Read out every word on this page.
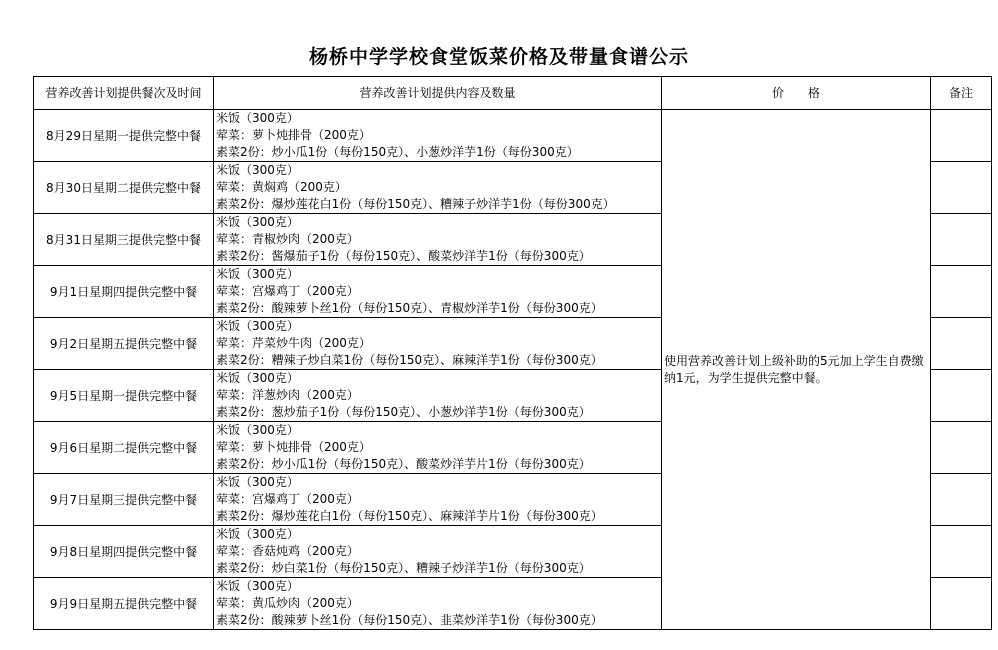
杨桥中学学校食堂饭菜价格及带量食谱公示
营养改善计划提供餐次及时间	营养改善计划提供内容及数量	价　　格	备注
8月29日星期一提供完整中餐	米饭（300克）
荤菜：萝卜炖排骨（200克）
素菜2份：炒小瓜1份（每份150克）、小葱炒洋芋1份（每份300克）	使用营养改善计划上级补助的5元加上学生自费缴纳1元，为学生提供完整中餐。	
8月30日星期二提供完整中餐	米饭（300克）
荤菜：黄焖鸡（200克）
素菜2份：爆炒莲花白1份（每份150克）、糟辣子炒洋芋1份（每份300克）		

8月31日星期三提供完整中餐	米饭（300克）
荤菜：青椒炒肉（200克）
素菜2份：酱爆茄子1份（每份150克）、酸菜炒洋芋1份（每份300克）		

9月1日星期四提供完整中餐	米饭（300克）
荤菜：宫爆鸡丁（200克）
素菜2份：酸辣萝卜丝1份（每份150克）、青椒炒洋芋1份（每份300克）		

9月2日星期五提供完整中餐	米饭（300克）
荤菜：芹菜炒牛肉（200克）
素菜2份：糟辣子炒白菜1份（每份150克）、麻辣洋芋1份（每份300克）		

9月5日星期一提供完整中餐	米饭（300克）
荤菜：洋葱炒肉（200克）
素菜2份：葱炒茄子1份（每份150克）、小葱炒洋芋1份（每份300克）		

9月6日星期二提供完整中餐	米饭（300克）
荤菜：萝卜炖排骨（200克）
素菜2份：炒小瓜1份（每份150克）、酸菜炒洋芋片1份（每份300克）		

9月7日星期三提供完整中餐	米饭（300克）
荤菜：宫爆鸡丁（200克）
素菜2份：爆炒莲花白1份（每份150克）、麻辣洋芋片1份（每份300克）		

9月8日星期四提供完整中餐	米饭（300克）
荤菜：香菇炖鸡（200克）
素菜2份：炒白菜1份（每份150克）、糟辣子炒洋芋1份（每份300克）		

9月9日星期五提供完整中餐	米饭（300克）
荤菜：黄瓜炒肉（200克）
素菜2份：酸辣萝卜丝1份（每份150克）、韭菜炒洋芋1份（每份300克）		
